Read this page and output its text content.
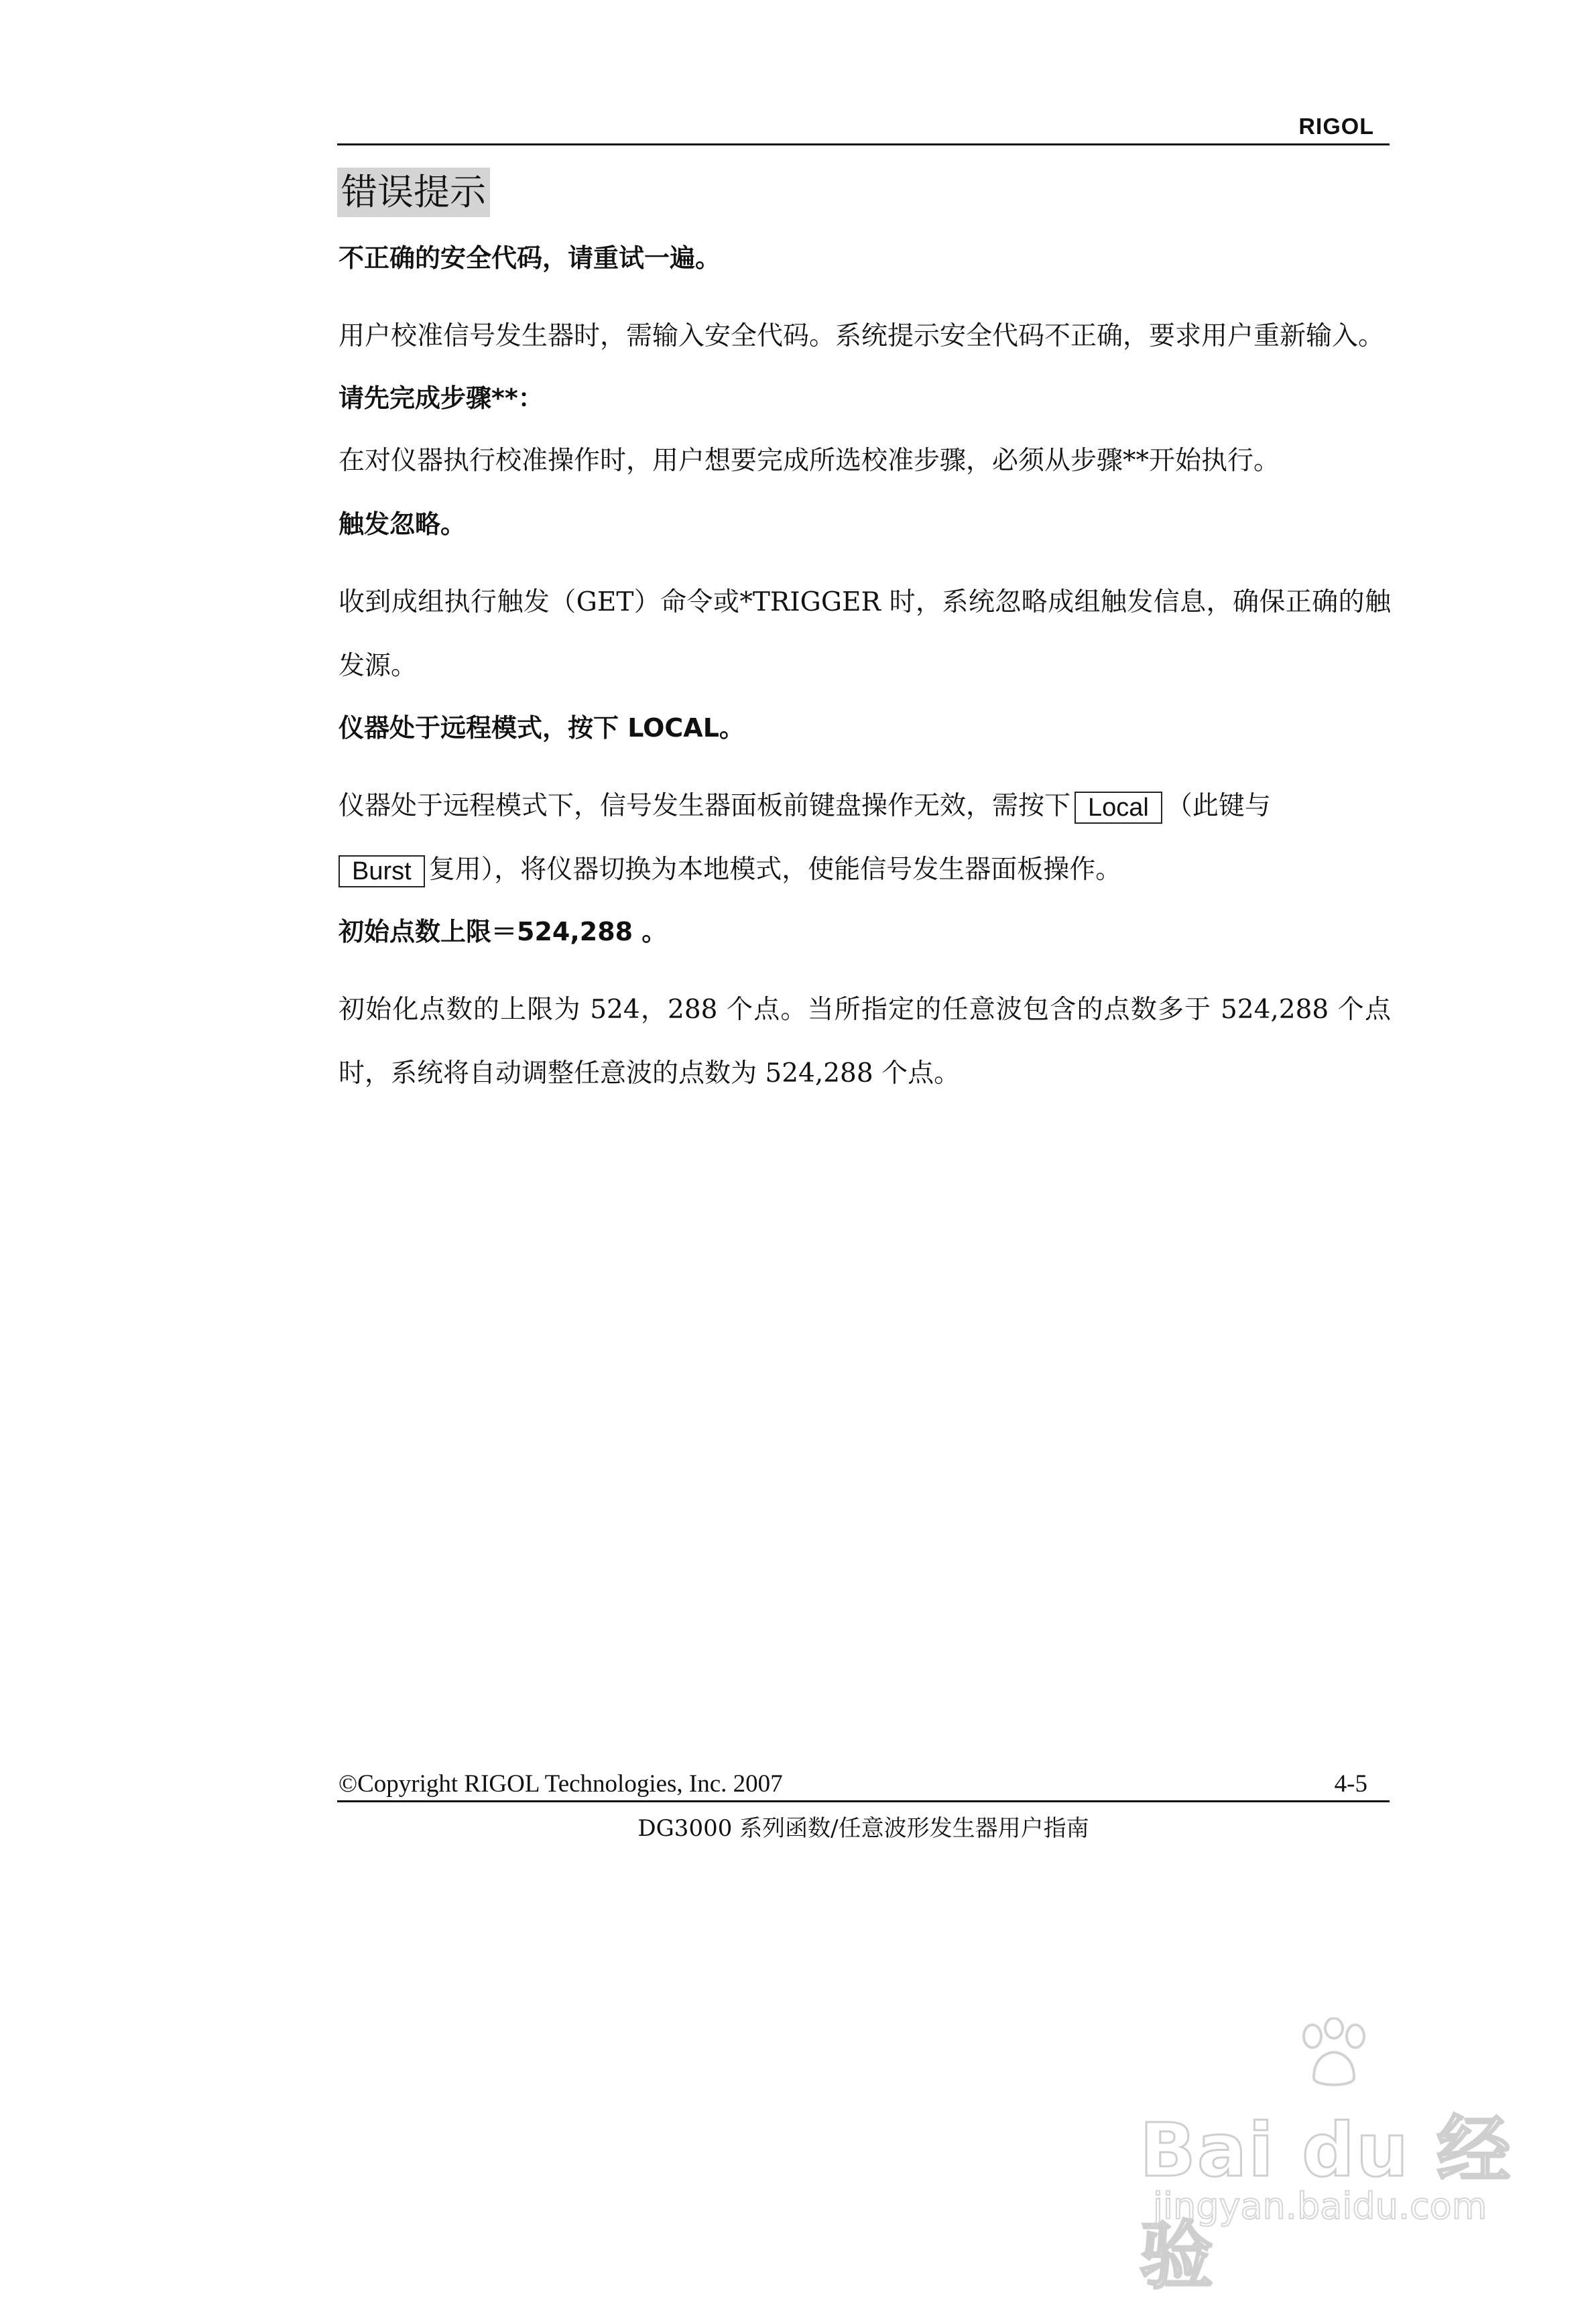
RIGOL
错误提示

不正确的安全代码，请重试一遍。

用户校准信号发生器时，需输入安全代码。系统提示安全代码不正确，要求用户重新输入。

请先完成步骤**：

在对仪器执行校准操作时，用户想要完成所选校准步骤，必须从步骤**开始执行。

触发忽略。

收到成组执行触发（GET）命令或*TRIGGER 时，系统忽略成组触发信息，确保正确的触发源。

仪器处于远程模式，按下 LOCAL。

仪器处于远程模式下，信号发生器面板前键盘操作无效，需按下 Local （此键与
Burst 复用），将仪器切换为本地模式，使能信号发生器面板操作。

初始点数上限＝524,288 。

初始化点数的上限为 524，288 个点。当所指定的任意波包含的点数多于 524,288 个点时，系统将自动调整任意波的点数为 524,288 个点。

©Copyright RIGOL Technologies, Inc. 2007	4-5
DG3000 系列函数/任意波形发生器用户指南
Bai du 经验
jingyan.baidu.com
